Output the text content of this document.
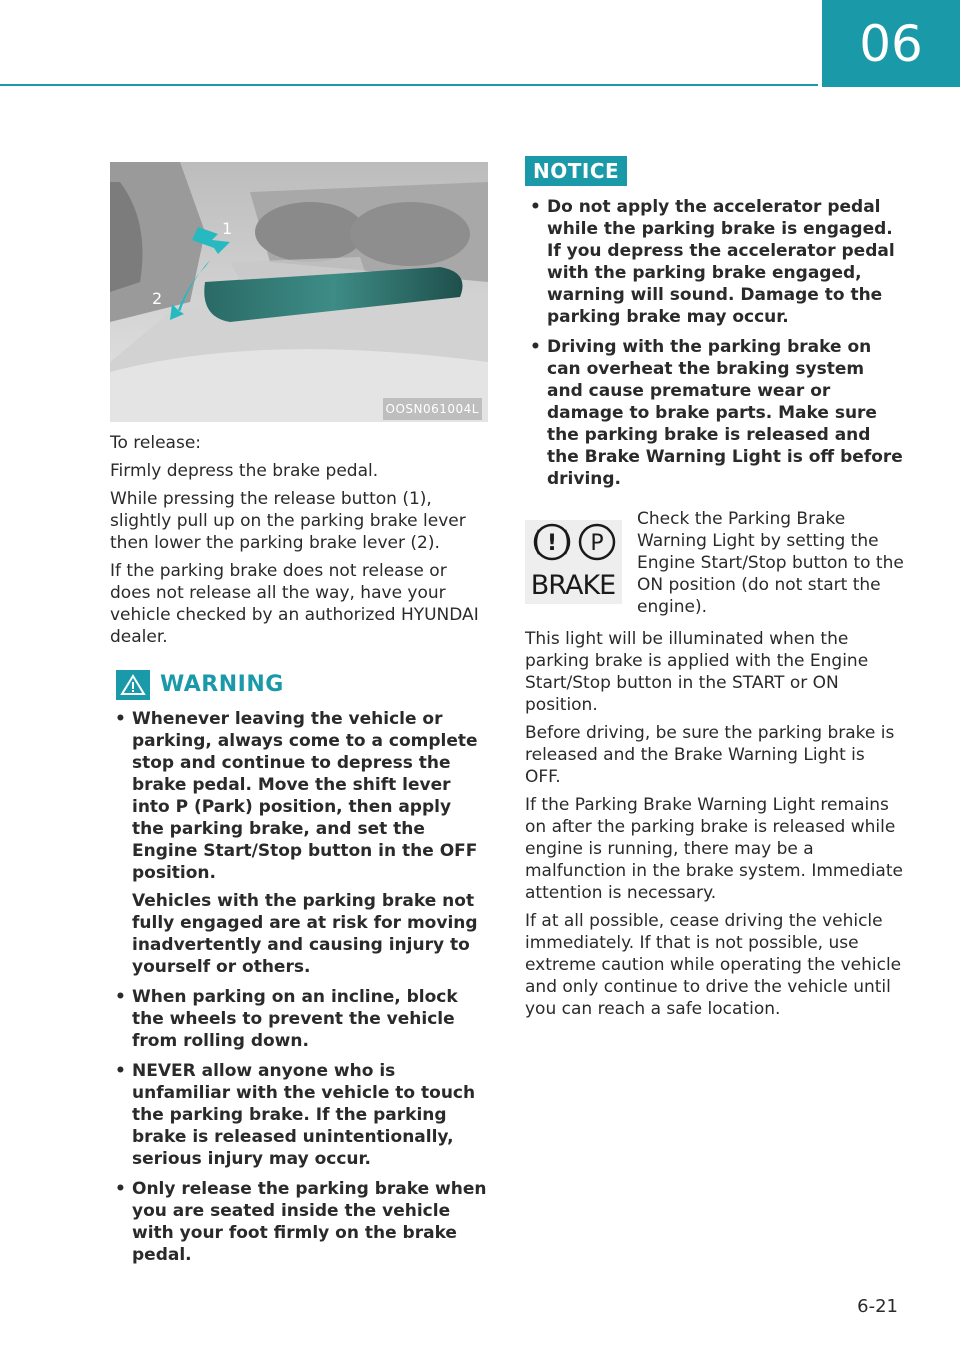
06
1
2
OOSN061004L

To release:

Firmly depress the brake pedal.

While pressing the release button (1), slightly pull up on the parking brake lever then lower the parking brake lever (2).

If the parking brake does not release or does not release all the way, have your vehicle checked by an authorized HYUNDAI dealer.

WARNING
• Whenever leaving the vehicle or parking, always come to a complete stop and continue to depress the brake pedal. Move the shift lever into P (Park) position, then apply the parking brake, and set the Engine Start/Stop button in the OFF position.
Vehicles with the parking brake not fully engaged are at risk for moving inadvertently and causing injury to yourself or others.
• When parking on an incline, block the wheels to prevent the vehicle from rolling down.
• NEVER allow anyone who is unfamiliar with the vehicle to touch the parking brake. If the parking brake is released unintentionally, serious injury may occur.
• Only release the parking brake when you are seated inside the vehicle with your foot firmly on the brake pedal.
NOTICE
• Do not apply the accelerator pedal while the parking brake is engaged. If you depress the accelerator pedal with the parking brake engaged, warning will sound. Damage to the parking brake may occur.
• Driving with the parking brake on can overheat the braking system and cause premature wear or damage to brake parts. Make sure the parking brake is released and the Brake Warning Light is off before driving.
! P
BRAKE
Check the Parking Brake Warning Light by setting the Engine Start/Stop button to the ON position (do not start the engine).

This light will be illuminated when the parking brake is applied with the Engine Start/Stop button in the START or ON position.

Before driving, be sure the parking brake is released and the Brake Warning Light is OFF.

If the Parking Brake Warning Light remains on after the parking brake is released while engine is running, there may be a malfunction in the brake system. Immediate attention is necessary.

If at all possible, cease driving the vehicle immediately. If that is not possible, use extreme caution while operating the vehicle and only continue to drive the vehicle until you can reach a safe location.

6-21
